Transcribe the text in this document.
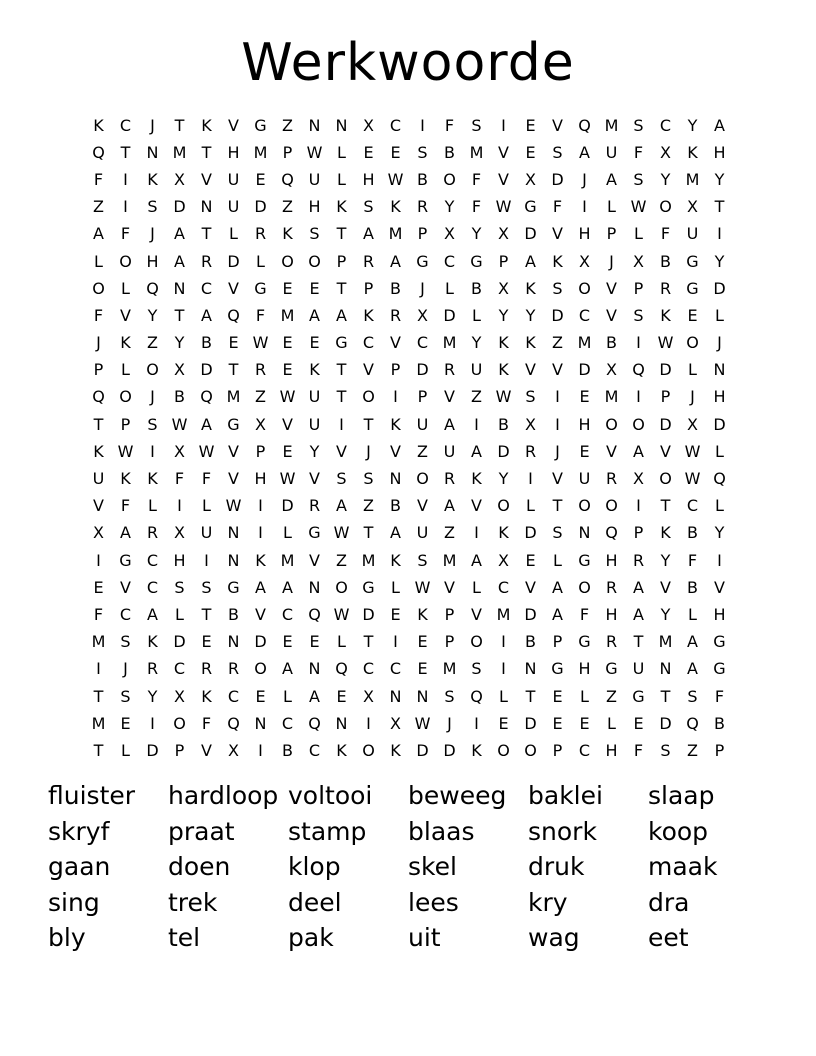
Werkwoorde
K	C	J	T	K	V G Z N N X C	I	F	S	I	E	V Q M S	C	Y	A
Q T	N M T	H M P W L	E	E	S	B M V	E	S	A U	F	X	K H
F	I	K	X	V U	E Q U	L	H W B O	F	V	X D	J	A	S	Y M Y
Z	I	S D N U D Z H K	S	K	R	Y	F W G	F	I	L W O X	T
A	F	J	A	T	L	R	K	S	T	A M P	X	Y	X D V H	P	L	F	U	I
L	O H A R D	L	O O P	R A G C G P	A	K	X	J	X	B G Y
O	L	Q N C V G E	E	T	P	B	J	L	B	X	K	S O V	P	R G D
F	V	Y	T	A Q	F M A	A	K	R X D	L	Y	Y D C V	S	K	E	L
J	K	Z	Y	B	E W E	E G C V C M Y	K	K	Z M B	I	W O	J
P	L	O X D T	R	E	K	T	V	P	D R U K	V	V D X Q D	L	N
Q O	J	B Q M Z W U	T O	I	P	V	Z W S	I	E M	I	P	J	H
T	P	S W A G X	V U	I	T	K U A	I	B	X	I	H O O D X D
K W	I	X W V	P	E	Y	V	J	V	Z U A D R	J	E	V	A	V W L
U K	K	F	F	V H W V	S	S N O R	K	Y	I	V U R X O W Q
V	F	L	I	L W	I	D R A	Z	B	V	A	V O	L	T O O	I	T	C	L
X	A R X U N	I	L	G W T	A U Z	I	K D S N Q P	K	B	Y
I	G C H	I	N K M V	Z M K	S M A	X	E	L	G H R	Y	F	I
E	V C	S	S G A	A N O G	L W V	L	C V	A O R A	V	B	V
F	C A	L	T	B	V C Q W D E	K	P	V M D A	F	H A	Y	L	H
M S	K D E N D E	E	L	T	I	E	P O	I	B	P G R	T M A G
I	J	R C R R O A N Q C C	E M S	I	N G H G U N A G
T	S	Y	X	K	C	E	L	A	E	X N N S Q	L	T	E	L	Z G T	S	F
M E	I	O	F	Q N C Q N	I	X W	J	I	E D E	E	L	E D Q B
T	L	D	P	V	X	I	B C	K O K D D K O O P	C H	F	S	Z	P
fluister	hardloop voltooi	beweeg baklei	slaap
skryf	praat	stamp	blaas	snork	koop
gaan	doen	klop	skel	druk	maak
sing	trek	deel	lees	kry	dra
bly	tel	pak	uit	wag	eet
